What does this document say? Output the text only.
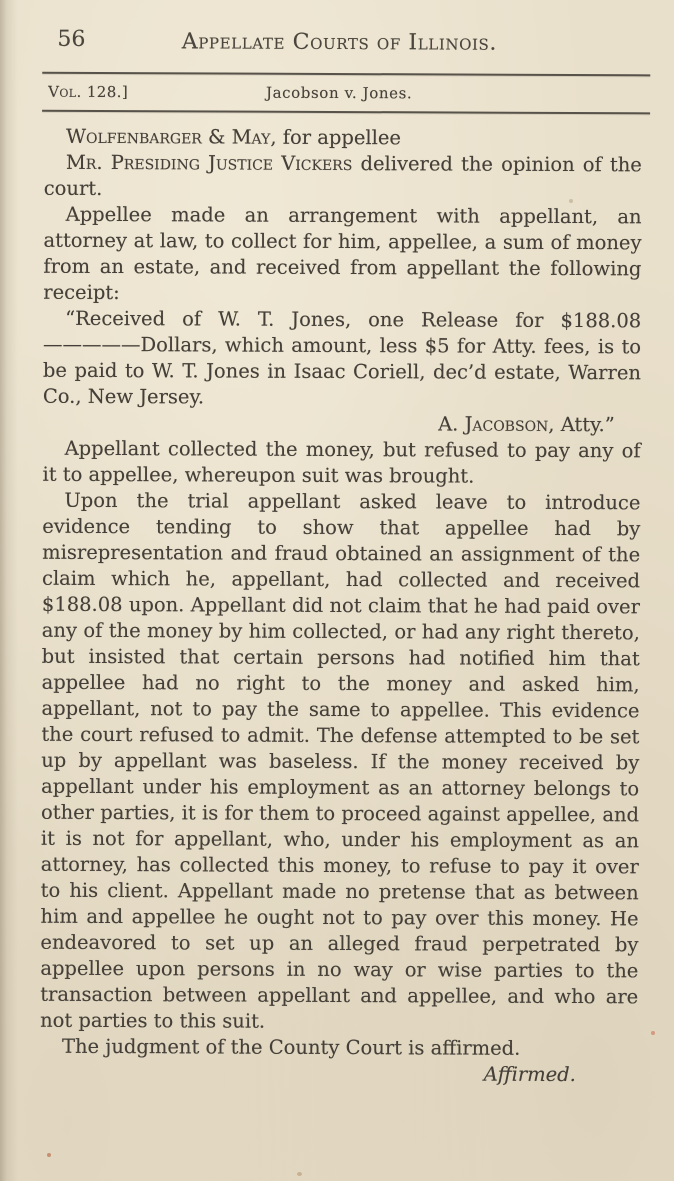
56	Appellate Courts of Illinois.
Vol. 128.]	Jacobson v. Jones.

Wolfenbarger & May, for appellee

Mr. Presiding Justice Vickers delivered the opinion of the court.

Appellee made an arrangement with appellant, an attorney at law, to collect for him, appellee, a sum of money from an estate, and received from appellant the following receipt:

“Received of W. T. Jones, one Release for $188.08 —————Dollars, which amount, less $5 for Atty. fees, is to be paid to W. T. Jones in Isaac Coriell, dec’d estate, Warren Co., New Jersey.

A. Jacobson, Atty.”

Appellant collected the money, but refused to pay any of it to appellee, whereupon suit was brought.

Upon the trial appellant asked leave to introduce evidence tending to show that appellee had by misrepresentation and fraud obtained an assignment of the claim which he, appellant, had collected and received $188.08 upon. Appellant did not claim that he had paid over any of the money by him collected, or had any right thereto, but insisted that certain persons had notified him that appellee had no right to the money and asked him, appellant, not to pay the same to appellee. This evidence the court refused to admit. The defense attempted to be set up by appellant was baseless. If the money received by appellant under his employment as an attorney belongs to other parties, it is for them to proceed against appellee, and it is not for appellant, who, under his employment as an attorney, has collected this money, to refuse to pay it over to his client. Appellant made no pretense that as between him and appellee he ought not to pay over this money. He endeavored to set up an alleged fraud perpetrated by appellee upon persons in no way or wise parties to the transaction between appellant and appellee, and who are not parties to this suit.

The judgment of the County Court is affirmed.

Affirmed.
